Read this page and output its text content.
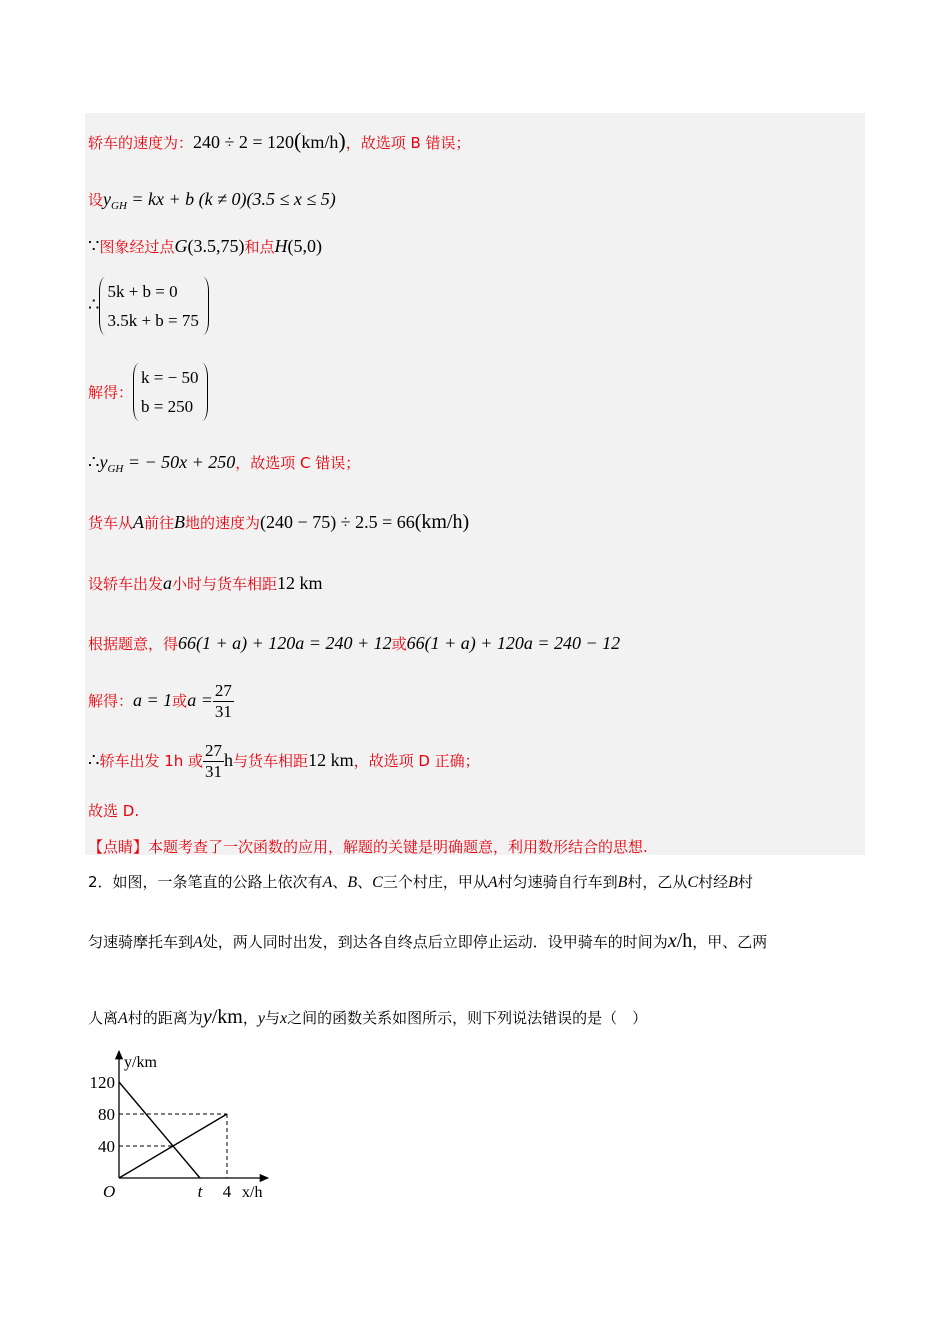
轿车的速度为：240 ÷ 2 = 120(km/h)，故选项 B 错误；
设$y_{GH}$ = kx + b (k ≠ 0)(3.5 ≤ x ≤ 5)
∵图象经过点G(3.5,75)和点H(5,0)
∴
5k + b = 0
3.5k + b = 75
解得：
k = − 50
b = 250
$\therefore y_{GH}$ = − 50x + 250，故选项 C 错误；
货车从A前往B地的速度为(240 − 75) ÷ 2.5 = 66(km/h)
设轿车出发a小时与货车相距12 km
根据题意，得66(1 + a) + 120a = 240 + 12或66(1 + a) + 120a = 240 − 12
解得：a = 1或$a = \frac{27}{31}$
∴轿车出发 1h 或 $\frac{27}{31}$ h与货车相距12 km，故选项 D 正确；
故选 D.
【点睛】本题考查了一次函数的应用，解题的关键是明确题意，利用数形结合的思想.
2．如图，一条笔直的公路上依次有A、B、C三个村庄，甲从A村匀速骑自行车到B村，乙从C村经B村
匀速骑摩托车到A处，两人同时出发，到达各自终点后立即停止运动．设甲骑车的时间为x/h，甲、乙两
人离A村的距离为y/km，y与x之间的函数关系如图所示，则下列说法错误的是（　）
40
80
120
t 4
O
y/km
x/h
